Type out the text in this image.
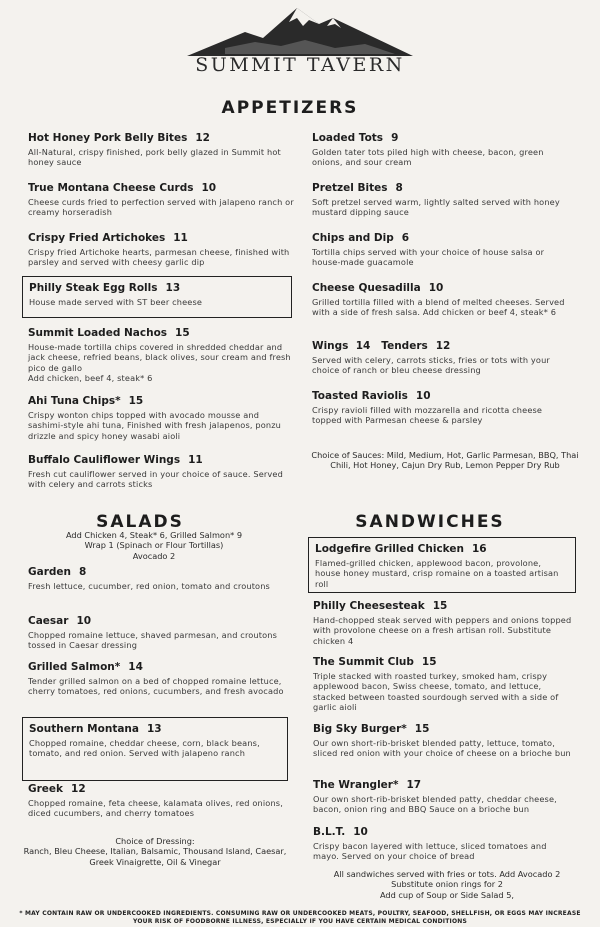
SUMMIT TAVERN
APPETIZERS
SALADS	SANDWICHES
Hot Honey Pork Belly Bites 12
All-Natural, crispy finished, pork belly glazed in Summit hot honey sauce
True Montana Cheese Curds 10
Cheese curds fried to perfection served with jalapeno ranch or creamy horseradish
Crispy Fried Artichokes 11
Crispy fried Artichoke hearts, parmesan cheese, finished with parsley and served with cheesy garlic dip
Philly Steak Egg Rolls 13
House made served with ST beer cheese
Summit Loaded Nachos 15
House-made tortilla chips covered in shredded cheddar and jack cheese, refried beans, black olives, sour cream and fresh pico de gallo
Add chicken, beef 4, steak* 6
Ahi Tuna Chips* 15
Crispy wonton chips topped with avocado mousse and sashimi-style ahi tuna, Finished with fresh jalapenos, ponzu drizzle and spicy honey wasabi aioli
Buffalo Cauliflower Wings 11
Fresh cut cauliflower served in your choice of sauce. Served with celery and carrots sticks
Loaded Tots 9
Golden tater tots piled high with cheese, bacon, green onions, and sour cream
Pretzel Bites 8
Soft pretzel served warm, lightly salted served with honey mustard dipping sauce
Chips and Dip 6
Tortilla chips served with your choice of house salsa or house-made guacamole
Cheese Quesadilla 10
Grilled tortilla filled with a blend of melted cheeses. Served with a side of fresh salsa. Add chicken or beef 4, steak* 6
Wings  14   Tenders 12
Served with celery, carrots sticks, fries or tots with your choice of ranch or bleu cheese dressing
Toasted Raviolis 10
Crispy ravioli filled with mozzarella and ricotta cheese topped with Parmesan cheese & parsley
Choice of Sauces: Mild, Medium, Hot, Garlic Parmesan, BBQ, Thai Chili, Hot Honey, Cajun Dry Rub, Lemon Pepper Dry Rub
Add Chicken 4, Steak* 6, Grilled Salmon* 9
Wrap 1 (Spinach or Flour Tortillas)
Avocado 2
Garden 8
Fresh lettuce, cucumber, red onion, tomato and croutons
Caesar 10
Chopped romaine lettuce, shaved parmesan, and croutons tossed in Caesar dressing
Grilled Salmon* 14
Tender grilled salmon on a bed of chopped romaine lettuce, cherry tomatoes, red onions, cucumbers, and fresh avocado
Southern Montana 13
Chopped romaine, cheddar cheese, corn, black beans, tomato, and red onion. Served with jalapeno ranch
Greek 12
Chopped romaine, feta cheese, kalamata olives, red onions, diced cucumbers, and cherry tomatoes
Choice of Dressing:
Ranch, Bleu Cheese, Italian, Balsamic, Thousand Island, Caesar, Greek Vinaigrette, Oil & Vinegar
Lodgefire Grilled Chicken 16
Flamed-grilled chicken, applewood bacon, provolone, house honey mustard, crisp romaine on a toasted artisan roll
Philly Cheesesteak 15
Hand-chopped steak served with peppers and onions topped with provolone cheese on a fresh artisan roll. Substitute chicken 4
The Summit Club 15
Triple stacked with roasted turkey, smoked ham, crispy applewood bacon, Swiss cheese, tomato, and lettuce, stacked between toasted sourdough served with a side of garlic aioli
Big Sky Burger* 15
Our own short-rib-brisket blended patty, lettuce, tomato, sliced red onion with your choice of cheese on a brioche bun
The Wrangler* 17
Our own short-rib-brisket blended patty, cheddar cheese, bacon, onion ring and BBQ Sauce on a brioche bun
B.L.T. 10
Crispy bacon layered with lettuce, sliced tomatoes and mayo. Served on your choice of bread
All sandwiches served with fries or tots. Add Avocado 2
Substitute onion rings for 2
Add cup of Soup or Side Salad 5,
* MAY CONTAIN RAW OR UNDERCOOKED INGREDIENTS. CONSUMING RAW OR UNDERCOOKED MEATS, POULTRY, SEAFOOD, SHELLFISH, OR EGGS MAY INCREASE YOUR RISK OF FOODBORNE ILLNESS, ESPECIALLY IF YOU HAVE CERTAIN MEDICAL CONDITIONS
